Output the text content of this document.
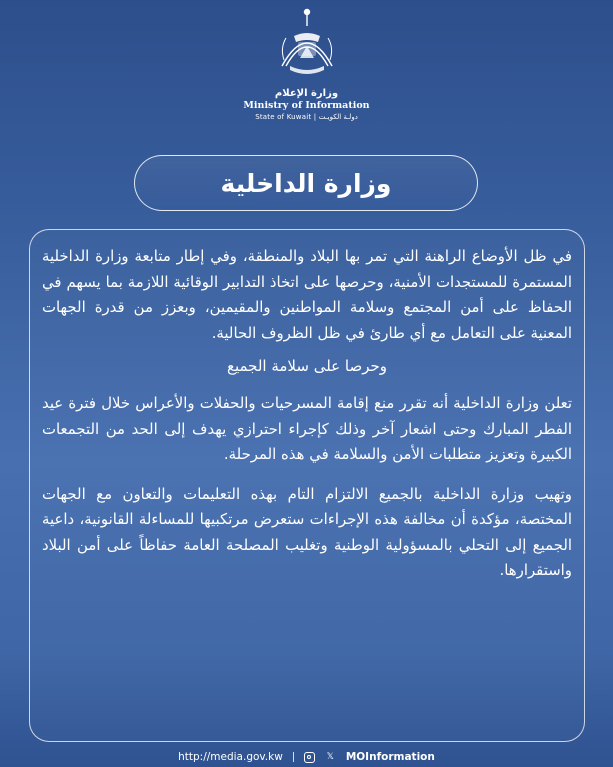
وزارة الإعلام
Ministry of Information
State of Kuwait | دولـة الكويـت
وزارة الداخلية

في ظل الأوضاع الراهنة التي تمر بها البلاد والمنطقة، وفي إطار متابعة وزارة الداخلية المستمرة للمستجدات الأمنية، وحرصها على اتخاذ التدابير الوقائية اللازمة بما يسهم في الحفاظ على أمن المجتمع وسلامة المواطنين والمقيمين، وبعزز من قدرة الجهات المعنية على التعامل مع أي طارئ في ظل الظروف الحالية.

وحرصا على سلامة الجميع

تعلن وزارة الداخلية أنه تقرر منع إقامة المسرحيات والحفلات والأعراس خلال فترة عيد الفطر المبارك وحتى اشعار آخر وذلك كإجراء احترازي يهدف إلى الحد من التجمعات الكبيرة وتعزيز متطلبات الأمن والسلامة في هذه المرحلة.

وتهيب وزارة الداخلية بالجميع الالتزام التام بهذه التعليمات والتعاون مع الجهات المختصة، مؤكدة أن مخالفة هذه الإجراءات ستعرض مرتكبيها للمساءلة القانونية، داعية الجميع إلى التحلي بالمسؤولية الوطنية وتغليب المصلحة العامة حفاظاً على أمن البلاد واستقرارها.

http://media.gov.kw	𝕏 MOInformation
